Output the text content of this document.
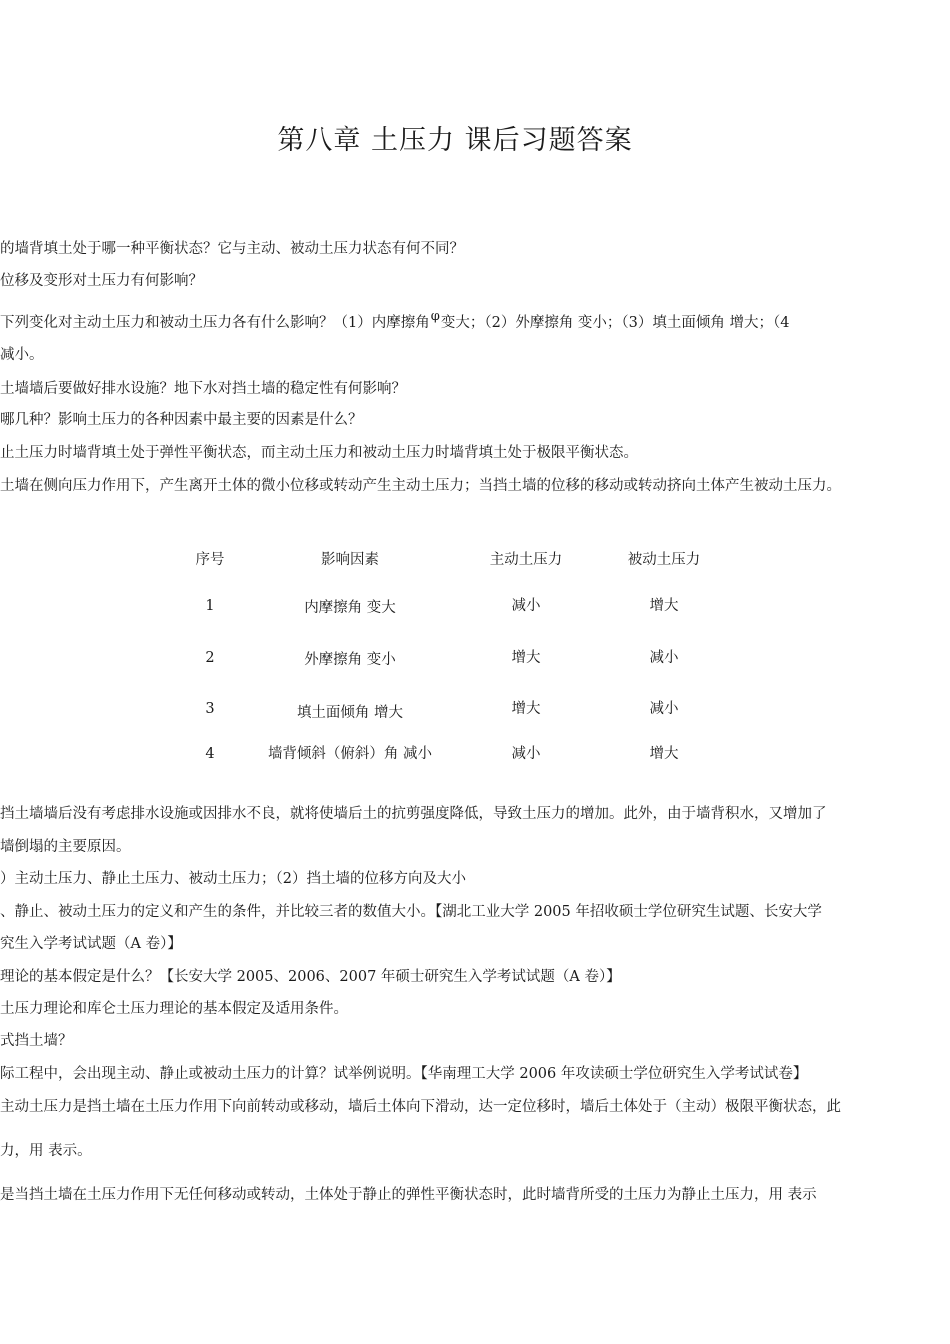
第八章 土压力 课后习题答案
的墙背填土处于哪一种平衡状态？它与主动、被动土压力状态有何不同？
位移及变形对土压力有何影响？
下列变化对主动土压力和被动土压力各有什么影响？（1）内摩擦角φ变大；（2）外摩擦角 变小；（3）填土面倾角 增大；（4
减小。
土墙墙后要做好排水设施？地下水对挡土墙的稳定性有何影响？
哪几种？影响土压力的各种因素中最主要的因素是什么？
止土压力时墙背填土处于弹性平衡状态，而主动土压力和被动土压力时墙背填土处于极限平衡状态。
土墙在侧向压力作用下，产生离开土体的微小位移或转动产生主动土压力；当挡土墙的位移的移动或转动挤向土体产生被动土压力。
序号	影响因素	主动土压力	被动土压力
1	内摩擦角 变大	减小	增大
2	外摩擦角 变小	增大	减小
3	填土面倾角 增大	增大	减小
4	墙背倾斜（俯斜）角 减小	减小	增大
挡土墙墙后没有考虑排水设施或因排水不良，就将使墙后土的抗剪强度降低，导致土压力的增加。此外，由于墙背积水，又增加了
墙倒塌的主要原因。
）主动土压力、静止土压力、被动土压力；（2）挡土墙的位移方向及大小
、静止、被动土压力的定义和产生的条件，并比较三者的数值大小。【湖北工业大学 2005 年招收硕士学位研究生试题、长安大学
究生入学考试试题（A 卷）】
理论的基本假定是什么？【长安大学 2005、2006、2007 年硕士研究生入学考试试题（A 卷）】
土压力理论和库仑土压力理论的基本假定及适用条件。
式挡土墙？
际工程中，会出现主动、静止或被动土压力的计算？试举例说明。【华南理工大学 2006 年攻读硕士学位研究生入学考试试卷】
主动土压力是挡土墙在土压力作用下向前转动或移动，墙后土体向下滑动，达一定位移时，墙后土体处于（主动）极限平衡状态，此
力，用 表示。
是当挡土墙在土压力作用下无任何移动或转动，土体处于静止的弹性平衡状态时，此时墙背所受的土压力为静止土压力，用 表示
